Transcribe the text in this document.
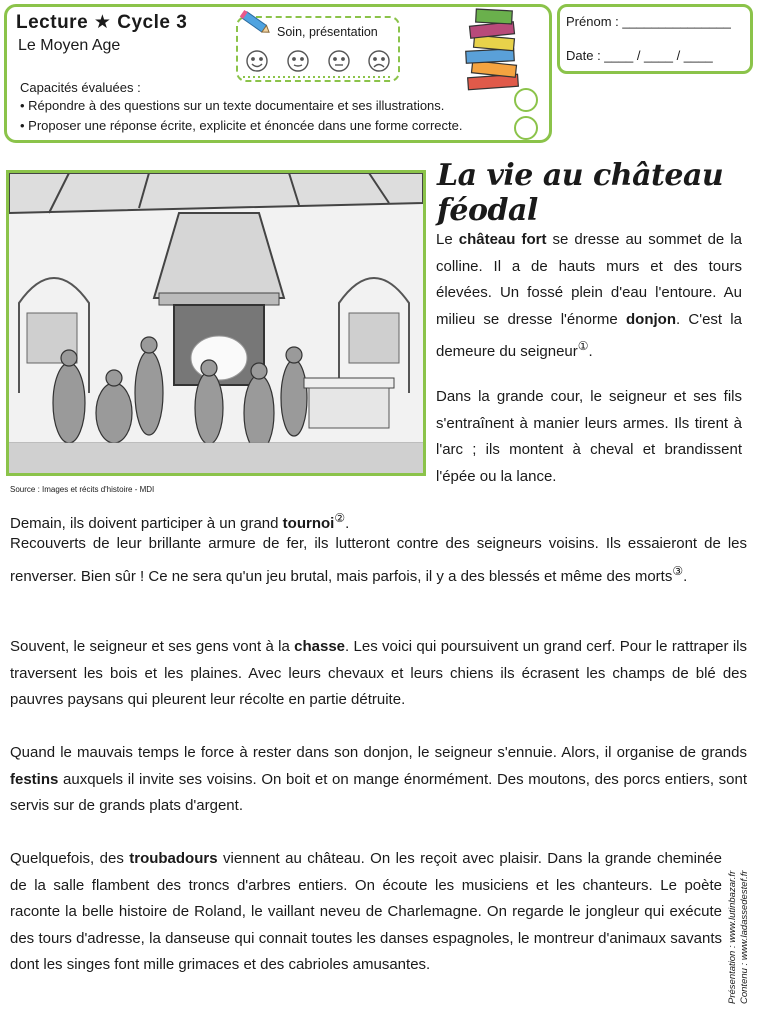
Lecture ★ Cycle 3
Le Moyen Age
Soin, présentation
Capacités évaluées :
• Répondre à des questions sur un texte documentaire et ses illustrations.
• Proposer une réponse écrite, explicite et énoncée dans une forme correcte.
Prénom : _______________
Date : ____ / ____ / ____
Source : Images et récits d'histoire - MDI
La vie au château féodal
Le château fort se dresse au sommet de la colline. Il a de hauts murs et des tours élevées. Un fossé plein d'eau l'entoure. Au milieu se dresse l'énorme donjon. C'est la demeure du seigneur①.
Dans la grande cour, le seigneur et ses fils s'entraînent à manier leurs armes. Ils tirent à l'arc ; ils montent à cheval et brandissent l'épée ou la lance.
Demain, ils doivent participer à un grand tournoi②.
Recouverts de leur brillante armure de fer, ils lutteront contre des seigneurs voisins. Ils essaieront de les renverser. Bien sûr ! Ce ne sera qu'un jeu brutal, mais parfois, il y a des blessés et même des morts③.
Souvent, le seigneur et ses gens vont à la chasse. Les voici qui poursuivent un grand cerf. Pour le rattraper ils traversent les bois et les plaines. Avec leurs chevaux et leurs chiens ils écrasent les champs de blé des pauvres paysans qui pleurent leur récolte en partie détruite.
Quand le mauvais temps le force à rester dans son donjon, le seigneur s'ennuie. Alors, il organise de grands festins auxquels il invite ses voisins. On boit et on mange énormément. Des moutons, des porcs entiers, sont servis sur de grands plats d'argent.
Quelquefois, des troubadours viennent au château. On les reçoit avec plaisir. Dans la grande cheminée de la salle flambent des troncs d'arbres entiers. On écoute les musiciens et les chanteurs. Le poète raconte la belle histoire de Roland, le vaillant neveu de Charlemagne. On regarde le jongleur qui exécute des tours d'adresse, la danseuse qui connait toutes les danses espagnoles, le montreur d'animaux savants dont les singes font mille grimaces et des cabrioles amusantes.	Présentation : www.lutinbazar.fr Contenu : www.ladassedestef.fr
